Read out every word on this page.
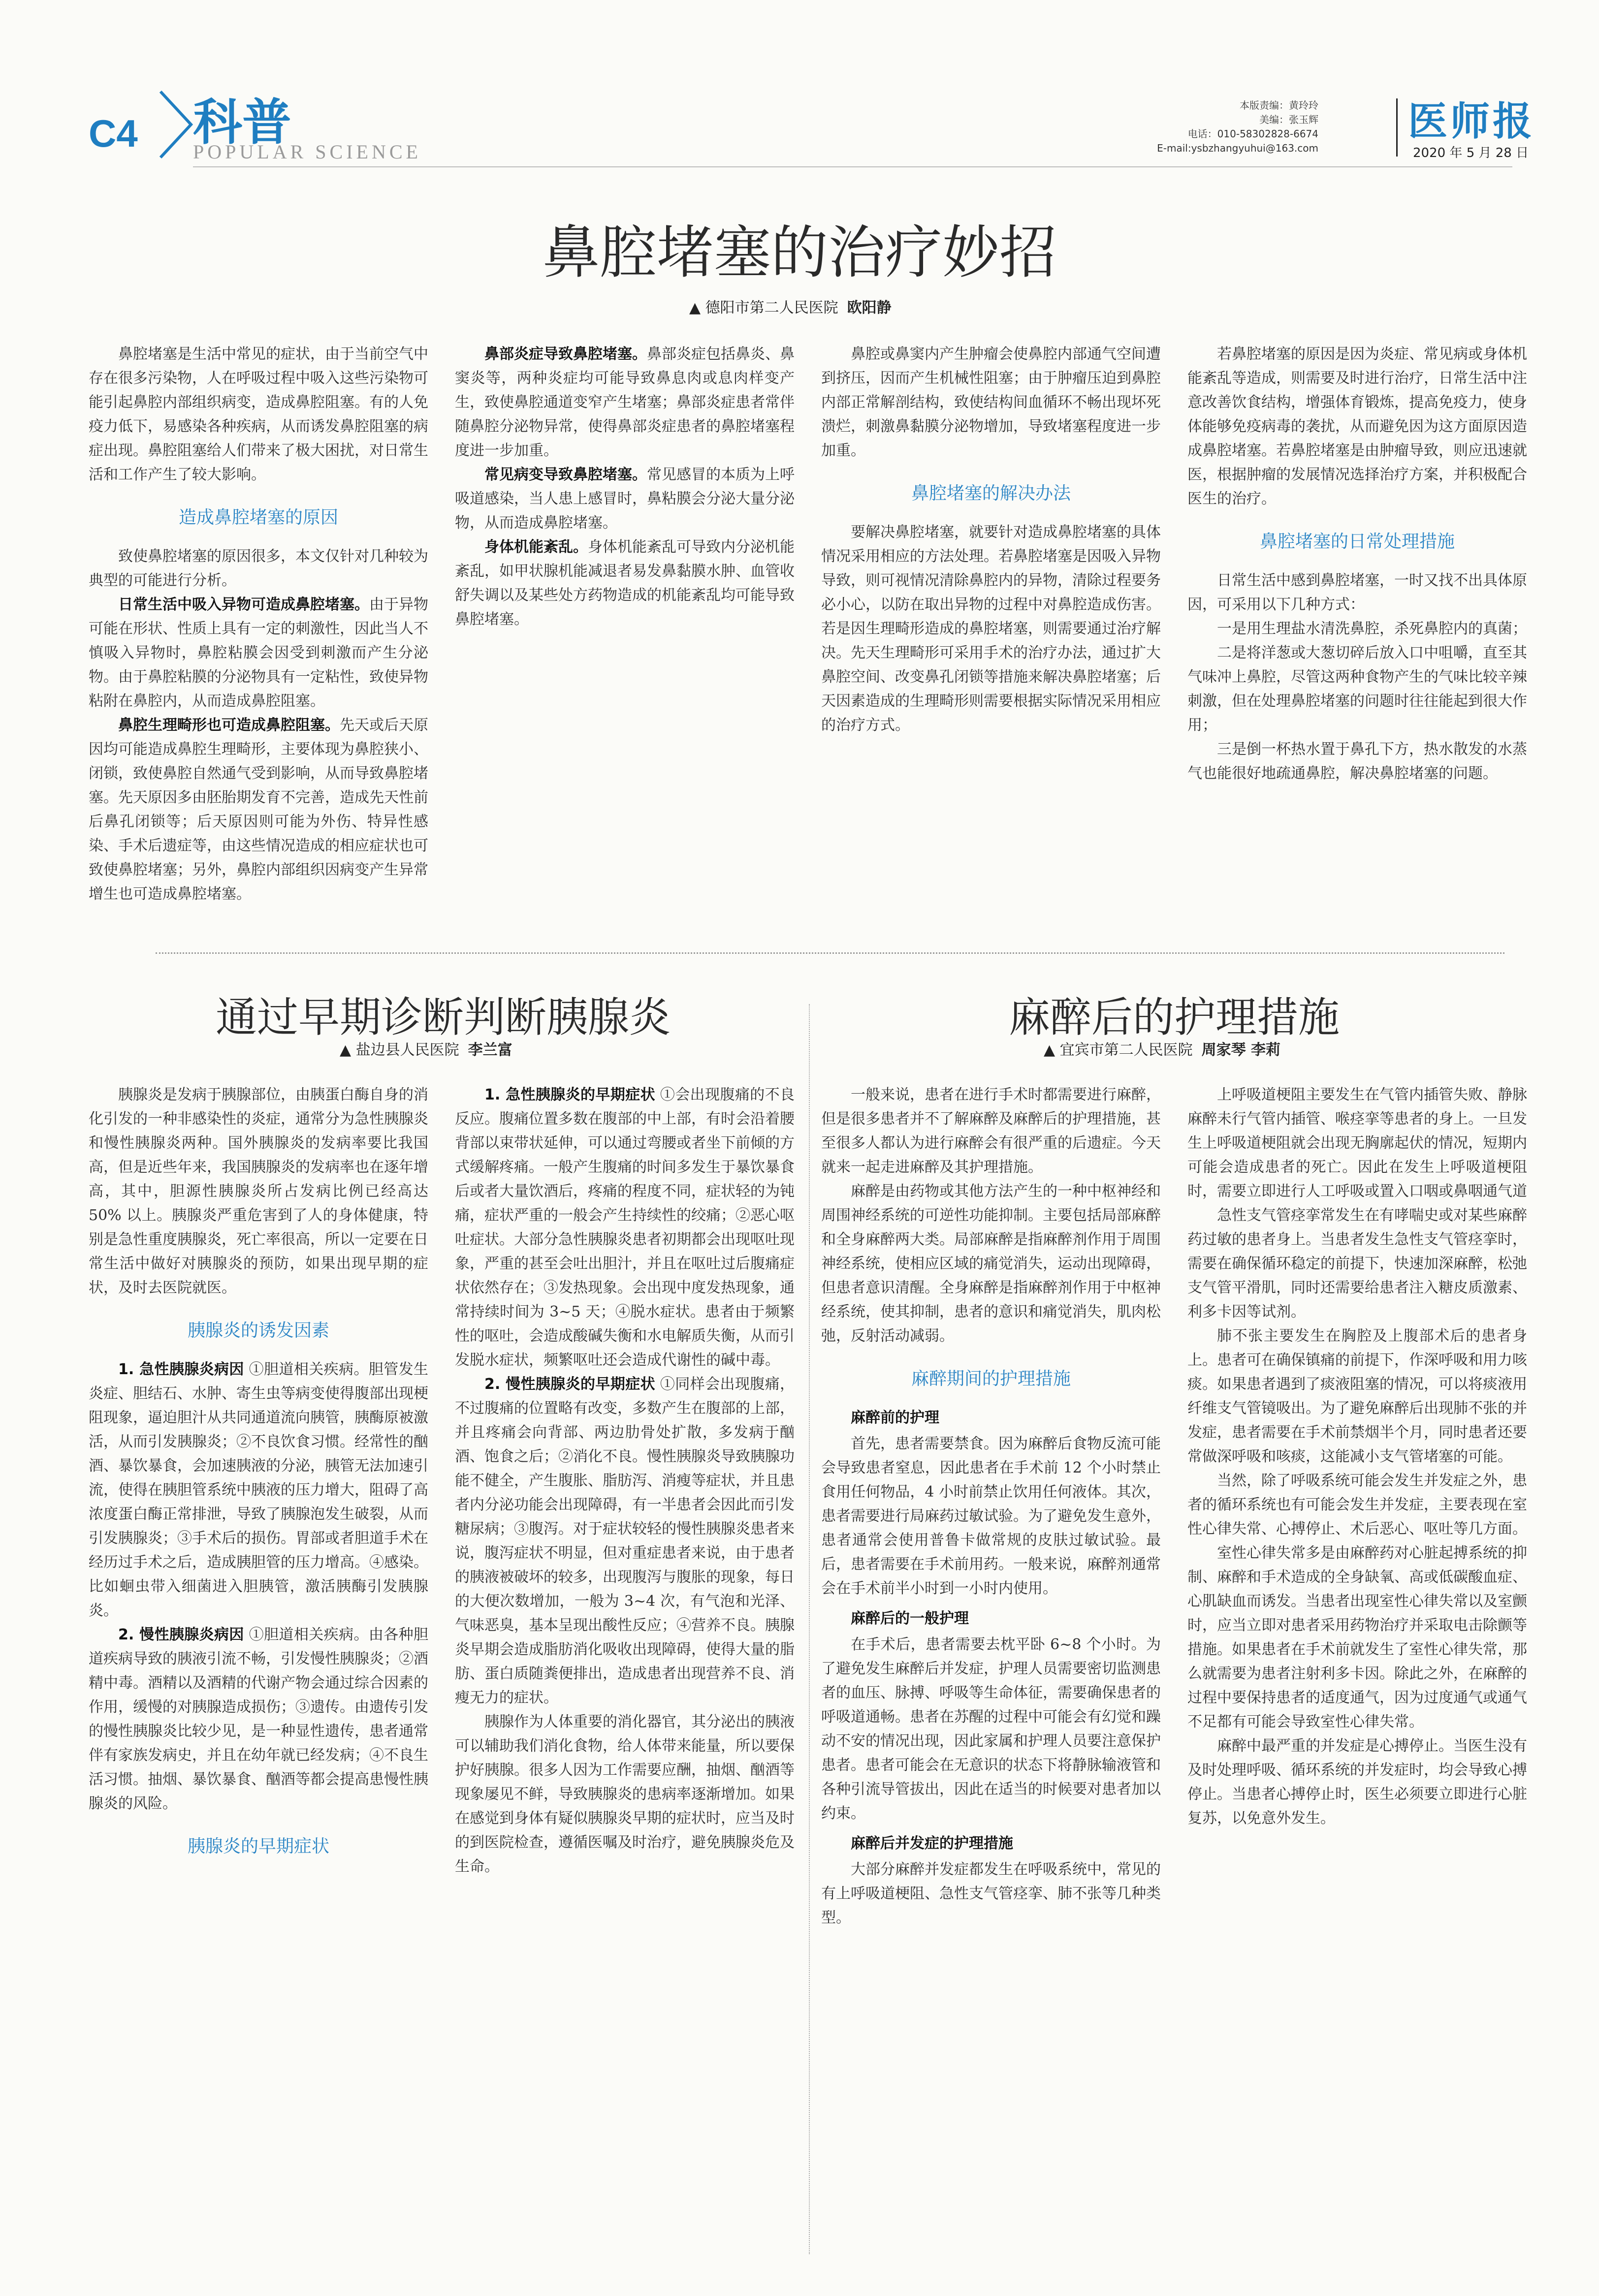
C4 科普
POPULAR SCIENCE
本版责编：黄玲玲
美编：张玉辉
电话：010-58302828-6674
E-mail:ysbzhangyuhui@163.com
医师报
2020 年 5 月 28 日
鼻腔堵塞的治疗妙招
▲ 德阳市第二人民医院 欧阳静

鼻腔堵塞是生活中常见的症状，由于当前空气中存在很多污染物，人在呼吸过程中吸入这些污染物可能引起鼻腔内部组织病变，造成鼻腔阻塞。有的人免疫力低下，易感染各种疾病，从而诱发鼻腔阻塞的病症出现。鼻腔阻塞给人们带来了极大困扰，对日常生活和工作产生了较大影响。

造成鼻腔堵塞的原因

致使鼻腔堵塞的原因很多，本文仅针对几种较为典型的可能进行分析。

日常生活中吸入异物可造成鼻腔堵塞。由于异物可能在形状、性质上具有一定的刺激性，因此当人不慎吸入异物时，鼻腔粘膜会因受到刺激而产生分泌物。由于鼻腔粘膜的分泌物具有一定粘性，致使异物粘附在鼻腔内，从而造成鼻腔阻塞。

鼻腔生理畸形也可造成鼻腔阻塞。先天或后天原因均可能造成鼻腔生理畸形，主要体现为鼻腔狭小、闭锁，致使鼻腔自然通气受到影响，从而导致鼻腔堵塞。先天原因多由胚胎期发育不完善，造成先天性前后鼻孔闭锁等；后天原因则可能为外伤、特异性感染、手术后遗症等，由这些情况造成的相应症状也可致使鼻腔堵塞；另外，鼻腔内部组织因病变产生异常增生也可造成鼻腔堵塞。

鼻部炎症导致鼻腔堵塞。鼻部炎症包括鼻炎、鼻窦炎等，两种炎症均可能导致鼻息肉或息肉样变产生，致使鼻腔通道变窄产生堵塞；鼻部炎症患者常伴随鼻腔分泌物异常，使得鼻部炎症患者的鼻腔堵塞程度进一步加重。

常见病变导致鼻腔堵塞。常见感冒的本质为上呼吸道感染，当人患上感冒时，鼻粘膜会分泌大量分泌物，从而造成鼻腔堵塞。

身体机能紊乱。身体机能紊乱可导致内分泌机能紊乱，如甲状腺机能减退者易发鼻黏膜水肿、血管收舒失调以及某些处方药物造成的机能紊乱均可能导致鼻腔堵塞。

鼻腔或鼻窦内产生肿瘤会使鼻腔内部通气空间遭到挤压，因而产生机械性阻塞；由于肿瘤压迫到鼻腔内部正常解剖结构，致使结构间血循环不畅出现坏死溃烂，刺激鼻黏膜分泌物增加，导致堵塞程度进一步加重。

鼻腔堵塞的解决办法

要解决鼻腔堵塞，就要针对造成鼻腔堵塞的具体情况采用相应的方法处理。若鼻腔堵塞是因吸入异物导致，则可视情况清除鼻腔内的异物，清除过程要务必小心，以防在取出异物的过程中对鼻腔造成伤害。若是因生理畸形造成的鼻腔堵塞，则需要通过治疗解决。先天生理畸形可采用手术的治疗办法，通过扩大鼻腔空间、改变鼻孔闭锁等措施来解决鼻腔堵塞；后天因素造成的生理畸形则需要根据实际情况采用相应的治疗方式。

若鼻腔堵塞的原因是因为炎症、常见病或身体机能紊乱等造成，则需要及时进行治疗，日常生活中注意改善饮食结构，增强体育锻炼，提高免疫力，使身体能够免疫病毒的袭扰，从而避免因为这方面原因造成鼻腔堵塞。若鼻腔堵塞是由肿瘤导致，则应迅速就医，根据肿瘤的发展情况选择治疗方案，并积极配合医生的治疗。

鼻腔堵塞的日常处理措施

日常生活中感到鼻腔堵塞，一时又找不出具体原因，可采用以下几种方式：

一是用生理盐水清洗鼻腔，杀死鼻腔内的真菌；

二是将洋葱或大葱切碎后放入口中咀嚼，直至其气味冲上鼻腔，尽管这两种食物产生的气味比较辛辣刺激，但在处理鼻腔堵塞的问题时往往能起到很大作用；

三是倒一杯热水置于鼻孔下方，热水散发的水蒸气也能很好地疏通鼻腔，解决鼻腔堵塞的问题。

通过早期诊断判断胰腺炎
▲ 盐边县人民医院 李兰富

胰腺炎是发病于胰腺部位，由胰蛋白酶自身的消化引发的一种非感染性的炎症，通常分为急性胰腺炎和慢性胰腺炎两种。国外胰腺炎的发病率要比我国高，但是近些年来，我国胰腺炎的发病率也在逐年增高，其中，胆源性胰腺炎所占发病比例已经高达 50% 以上。胰腺炎严重危害到了人的身体健康，特别是急性重度胰腺炎，死亡率很高，所以一定要在日常生活中做好对胰腺炎的预防，如果出现早期的症状，及时去医院就医。

胰腺炎的诱发因素

1. 急性胰腺炎病因 ①胆道相关疾病。胆管发生炎症、胆结石、水肿、寄生虫等病变使得腹部出现梗阻现象，逼迫胆汁从共同通道流向胰管，胰酶原被激活，从而引发胰腺炎；②不良饮食习惯。经常性的酗酒、暴饮暴食，会加速胰液的分泌，胰管无法加速引流，使得在胰胆管系统中胰液的压力增大，阻碍了高浓度蛋白酶正常排泄，导致了胰腺泡发生破裂，从而引发胰腺炎；③手术后的损伤。胃部或者胆道手术在经历过手术之后，造成胰胆管的压力增高。④感染。比如蛔虫带入细菌进入胆胰管，激活胰酶引发胰腺炎。

2. 慢性胰腺炎病因 ①胆道相关疾病。由各种胆道疾病导致的胰液引流不畅，引发慢性胰腺炎；②酒精中毒。酒精以及酒精的代谢产物会通过综合因素的作用，缓慢的对胰腺造成损伤；③遗传。由遗传引发的慢性胰腺炎比较少见，是一种显性遗传，患者通常伴有家族发病史，并且在幼年就已经发病；④不良生活习惯。抽烟、暴饮暴食、酗酒等都会提高患慢性胰腺炎的风险。

胰腺炎的早期症状

1. 急性胰腺炎的早期症状 ①会出现腹痛的不良反应。腹痛位置多数在腹部的中上部，有时会沿着腰背部以束带状延伸，可以通过弯腰或者坐下前倾的方式缓解疼痛。一般产生腹痛的时间多发生于暴饮暴食后或者大量饮酒后，疼痛的程度不同，症状轻的为钝痛，症状严重的一般会产生持续性的绞痛；②恶心呕吐症状。大部分急性胰腺炎患者初期都会出现呕吐现象，严重的甚至会吐出胆汁，并且在呕吐过后腹痛症状依然存在；③发热现象。会出现中度发热现象，通常持续时间为 3~5 天；④脱水症状。患者由于频繁性的呕吐，会造成酸碱失衡和水电解质失衡，从而引发脱水症状，频繁呕吐还会造成代谢性的碱中毒。

2. 慢性胰腺炎的早期症状 ①同样会出现腹痛，不过腹痛的位置略有改变，多数产生在腹部的上部，并且疼痛会向背部、两边肋骨处扩散，多发病于酗酒、饱食之后；②消化不良。慢性胰腺炎导致胰腺功能不健全，产生腹胀、脂肪泻、消瘦等症状，并且患者内分泌功能会出现障碍，有一半患者会因此而引发糖尿病；③腹泻。对于症状较轻的慢性胰腺炎患者来说，腹泻症状不明显，但对重症患者来说，由于患者的胰液被破坏的较多，出现腹泻与腹胀的现象，每日的大便次数增加，一般为 3~4 次，有气泡和光泽、气味恶臭，基本呈现出酸性反应；④营养不良。胰腺炎早期会造成脂肪消化吸收出现障碍，使得大量的脂肪、蛋白质随粪便排出，造成患者出现营养不良、消瘦无力的症状。

胰腺作为人体重要的消化器官，其分泌出的胰液可以辅助我们消化食物，给人体带来能量，所以要保护好胰腺。很多人因为工作需要应酬，抽烟、酗酒等现象屡见不鲜，导致胰腺炎的患病率逐渐增加。如果在感觉到身体有疑似胰腺炎早期的症状时，应当及时的到医院检查，遵循医嘱及时治疗，避免胰腺炎危及生命。

麻醉后的护理措施
▲ 宜宾市第二人民医院 周家琴 李莉

一般来说，患者在进行手术时都需要进行麻醉，但是很多患者并不了解麻醉及麻醉后的护理措施，甚至很多人都认为进行麻醉会有很严重的后遗症。今天就来一起走进麻醉及其护理措施。

麻醉是由药物或其他方法产生的一种中枢神经和周围神经系统的可逆性功能抑制。主要包括局部麻醉和全身麻醉两大类。局部麻醉是指麻醉剂作用于周围神经系统，使相应区域的痛觉消失，运动出现障碍，但患者意识清醒。全身麻醉是指麻醉剂作用于中枢神经系统，使其抑制，患者的意识和痛觉消失，肌肉松弛，反射活动减弱。

麻醉期间的护理措施

麻醉前的护理

首先，患者需要禁食。因为麻醉后食物反流可能会导致患者窒息，因此患者在手术前 12 个小时禁止食用任何物品，4 小时前禁止饮用任何液体。其次，患者需要进行局麻药过敏试验。为了避免发生意外，患者通常会使用普鲁卡做常规的皮肤过敏试验。最后，患者需要在手术前用药。一般来说，麻醉剂通常会在手术前半小时到一小时内使用。

麻醉后的一般护理

在手术后，患者需要去枕平卧 6~8 个小时。为了避免发生麻醉后并发症，护理人员需要密切监测患者的血压、脉搏、呼吸等生命体征，需要确保患者的呼吸道通畅。患者在苏醒的过程中可能会有幻觉和躁动不安的情况出现，因此家属和护理人员要注意保护患者。患者可能会在无意识的状态下将静脉输液管和各种引流导管拔出，因此在适当的时候要对患者加以约束。

麻醉后并发症的护理措施

大部分麻醉并发症都发生在呼吸系统中，常见的有上呼吸道梗阻、急性支气管痉挛、肺不张等几种类型。

上呼吸道梗阻主要发生在气管内插管失败、静脉麻醉未行气管内插管、喉痉挛等患者的身上。一旦发生上呼吸道梗阻就会出现无胸廓起伏的情况，短期内可能会造成患者的死亡。因此在发生上呼吸道梗阻时，需要立即进行人工呼吸或置入口咽或鼻咽通气道

急性支气管痉挛常发生在有哮喘史或对某些麻醉药过敏的患者身上。当患者发生急性支气管痉挛时，需要在确保循环稳定的前提下，快速加深麻醉，松弛支气管平滑肌，同时还需要给患者注入糖皮质激素、利多卡因等试剂。

肺不张主要发生在胸腔及上腹部术后的患者身上。患者可在确保镇痛的前提下，作深呼吸和用力咳痰。如果患者遇到了痰液阻塞的情况，可以将痰液用纤维支气管镜吸出。为了避免麻醉后出现肺不张的并发症，患者需要在手术前禁烟半个月，同时患者还要常做深呼吸和咳痰，这能减小支气管堵塞的可能。

当然，除了呼吸系统可能会发生并发症之外，患者的循环系统也有可能会发生并发症，主要表现在室性心律失常、心搏停止、术后恶心、呕吐等几方面。

室性心律失常多是由麻醉药对心脏起搏系统的抑制、麻醉和手术造成的全身缺氧、高或低碳酸血症、心肌缺血而诱发。当患者出现室性心律失常以及室颤时，应当立即对患者采用药物治疗并采取电击除颤等措施。如果患者在手术前就发生了室性心律失常，那么就需要为患者注射利多卡因。除此之外，在麻醉的过程中要保持患者的适度通气，因为过度通气或通气不足都有可能会导致室性心律失常。

麻醉中最严重的并发症是心搏停止。当医生没有及时处理呼吸、循环系统的并发症时，均会导致心搏停止。当患者心搏停止时，医生必须要立即进行心脏复苏，以免意外发生。
